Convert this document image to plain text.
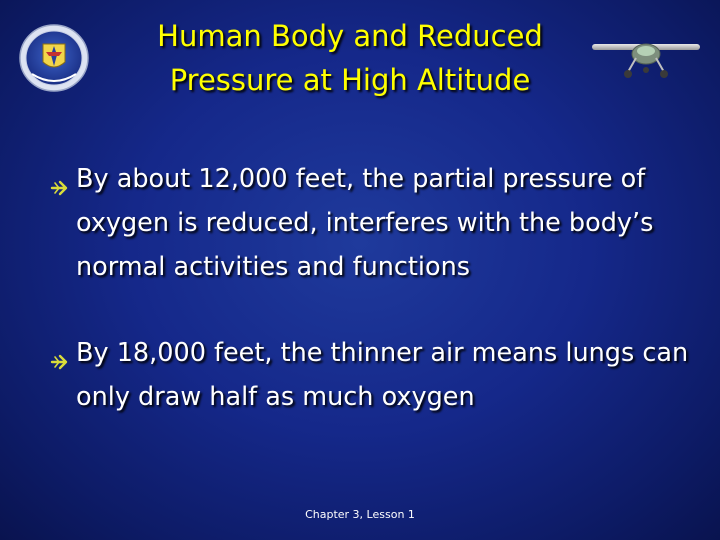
Human Body and Reduced
Pressure at High Altitude
By about 12,000 feet, the partial pressure of oxygen is reduced, interferes with the body’s normal activities and functions
By 18,000 feet, the thinner air means lungs can only draw half as much oxygen
Chapter 3, Lesson 1
